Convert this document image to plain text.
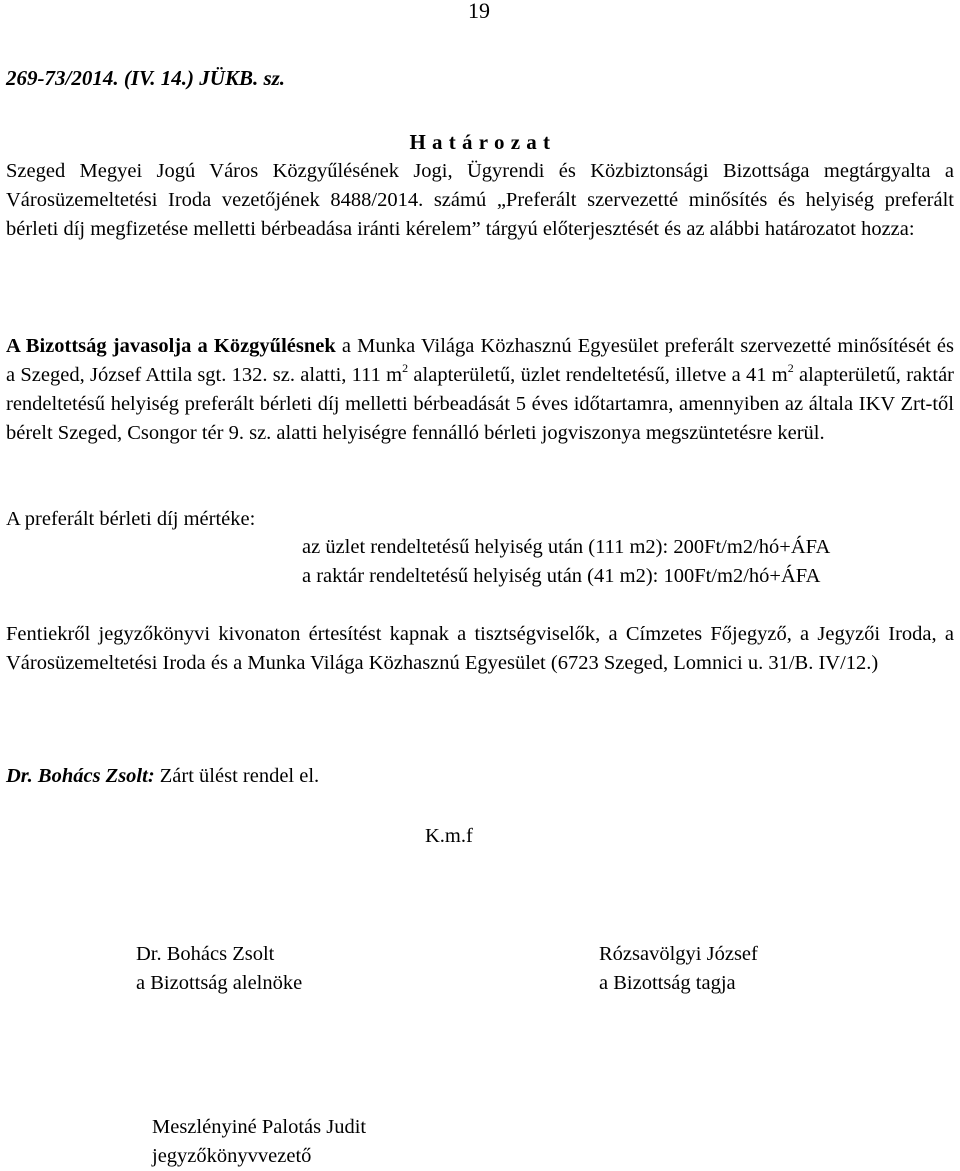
19
269-73/2014. (IV. 14.) JÜKB. sz.
H a t á r o z a t
Szeged Megyei Jogú Város Közgyűlésének Jogi, Ügyrendi és Közbiztonsági Bizottsága megtárgyalta a Városüzemeltetési Iroda vezetőjének 8488/2014. számú „Preferált szervezetté minősítés és helyiség preferált bérleti díj megfizetése melletti bérbeadása iránti kérelem” tárgyú előterjesztését és az alábbi határozatot hozza:
A Bizottság javasolja a Közgyűlésnek a Munka Világa Közhasznú Egyesület preferált szervezetté minősítését és a Szeged, József Attila sgt. 132. sz. alatti, 111 $m^2$ alapterületű, üzlet rendeltetésű, illetve a 41 $m^2$ alapterületű, raktár rendeltetésű helyiség preferált bérleti díj melletti bérbeadását 5 éves időtartamra, amennyiben az általa IKV Zrt-től bérelt Szeged, Csongor tér 9. sz. alatti helyiségre fennálló bérleti jogviszonya megszüntetésre kerül.
A preferált bérleti díj mértéke:
az üzlet rendeltetésű helyiség után (111 m2): 200Ft/m2/hó+ÁFA
a raktár rendeltetésű helyiség után (41 m2): 100Ft/m2/hó+ÁFA
Fentiekről jegyzőkönyvi kivonaton értesítést kapnak a tisztségviselők, a Címzetes Főjegyző, a Jegyzői Iroda, a Városüzemeltetési Iroda és a Munka Világa Közhasznú Egyesület (6723 Szeged, Lomnici u. 31/B. IV/12.)
Dr. Bohács Zsolt: Zárt ülést rendel el.
K.m.f
Dr. Bohács Zsolt
a Bizottság alelnöke
Rózsavölgyi József
a Bizottság tagja
Meszlényiné Palotás Judit
jegyzőkönyvvezető
